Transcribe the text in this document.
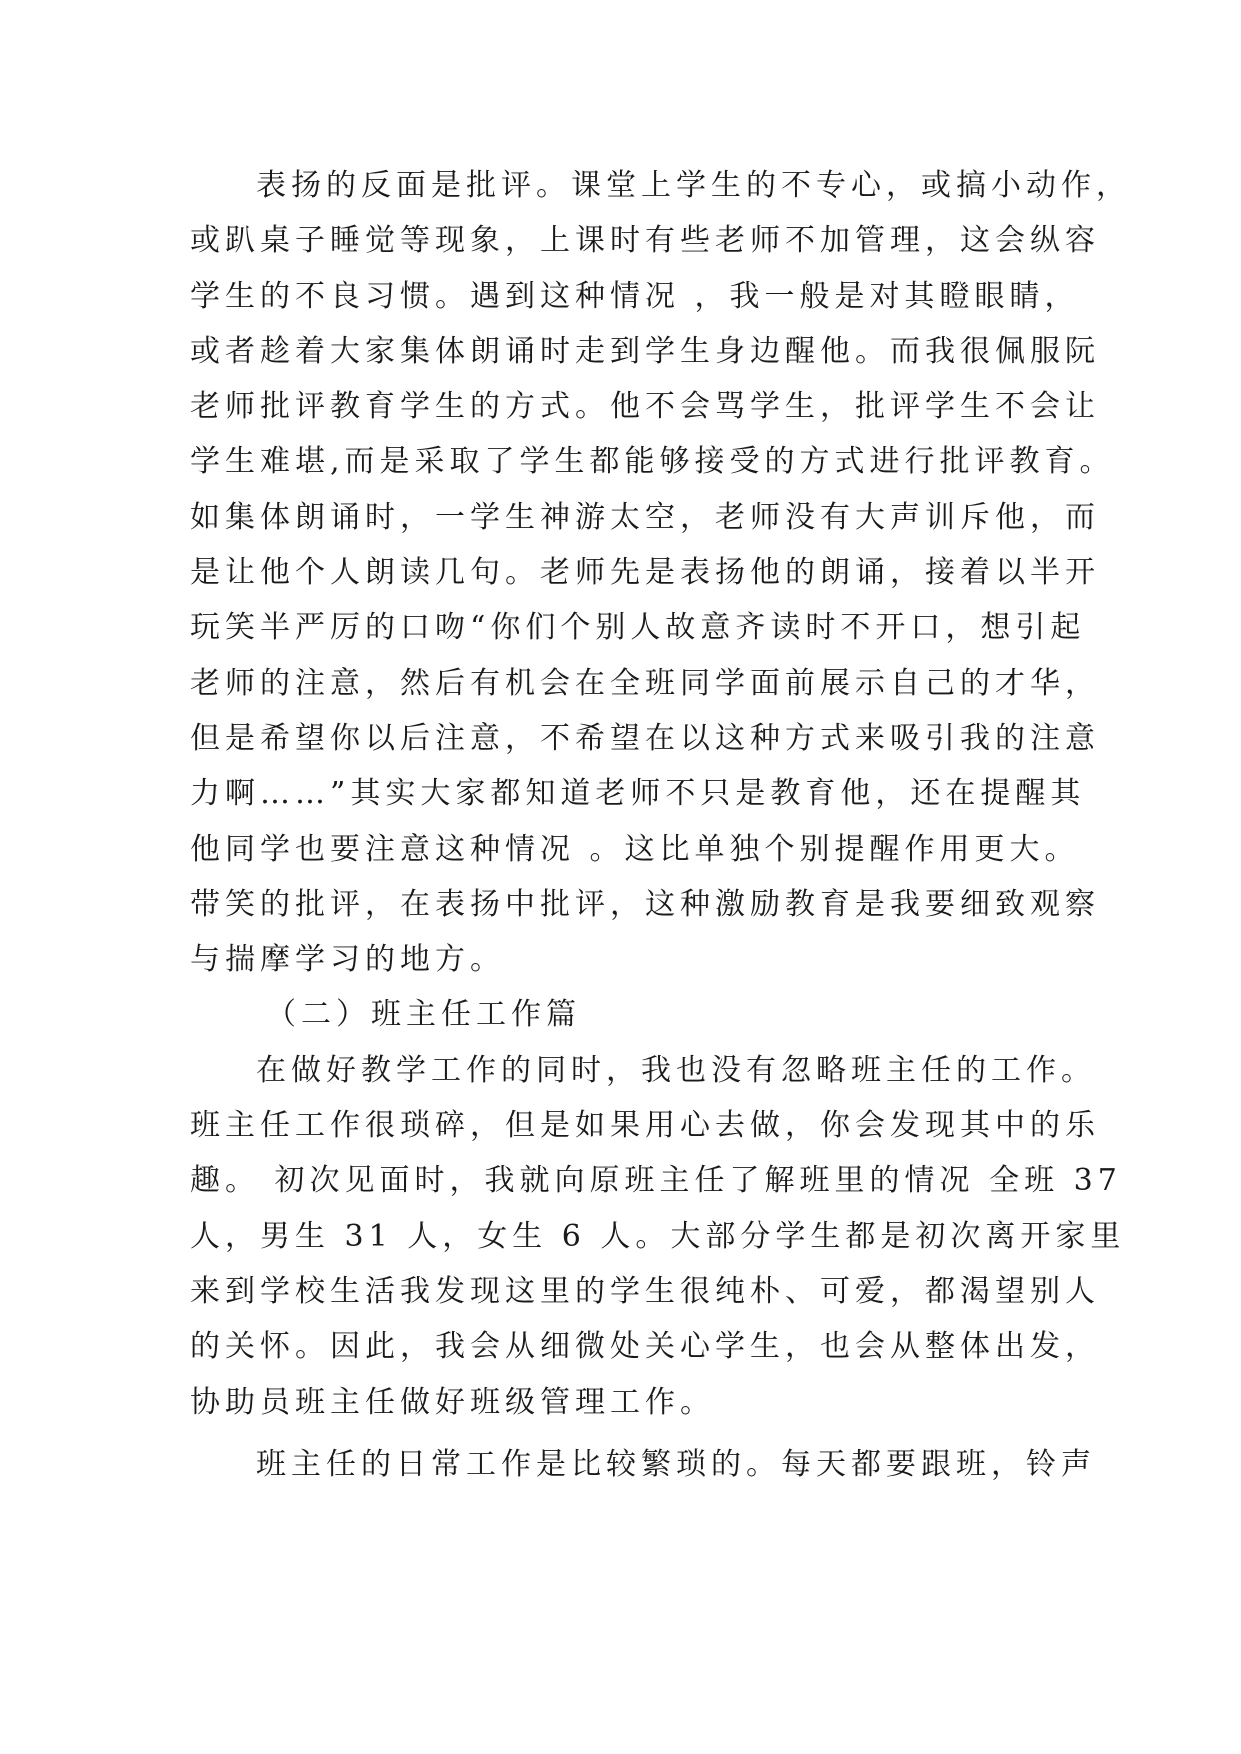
表扬的反面是批评。课堂上学生的不专心，或搞小动作，
或趴桌子睡觉等现象，上课时有些老师不加管理，这会纵容
学生的不良习惯。遇到这种情况 ，我一般是对其瞪眼睛，
或者趁着大家集体朗诵时走到学生身边醒他。而我很佩服阮
老师批评教育学生的方式。他不会骂学生，批评学生不会让
学生难堪,而是采取了学生都能够接受的方式进行批评教育。
如集体朗诵时，一学生神游太空，老师没有大声训斥他，而
是让他个人朗读几句。老师先是表扬他的朗诵，接着以半开
玩笑半严厉的口吻“你们个别人故意齐读时不开口，想引起
老师的注意，然后有机会在全班同学面前展示自己的才华，
但是希望你以后注意，不希望在以这种方式来吸引我的注意
力啊……”其实大家都知道老师不只是教育他，还在提醒其
他同学也要注意这种情况 。这比单独个别提醒作用更大。
带笑的批评，在表扬中批评，这种激励教育是我要细致观察
与揣摩学习的地方。
（二）班主任工作篇
在做好教学工作的同时，我也没有忽略班主任的工作。
班主任工作很琐碎，但是如果用心去做，你会发现其中的乐
趣。 初次见面时，我就向原班主任了解班里的情况 全班 37
人，男生 31 人，女生 6 人。大部分学生都是初次离开家里
来到学校生活我发现这里的学生很纯朴、可爱，都渴望别人
的关怀。因此，我会从细微处关心学生，也会从整体出发，
协助员班主任做好班级管理工作。
班主任的日常工作是比较繁琐的。每天都要跟班，铃声
